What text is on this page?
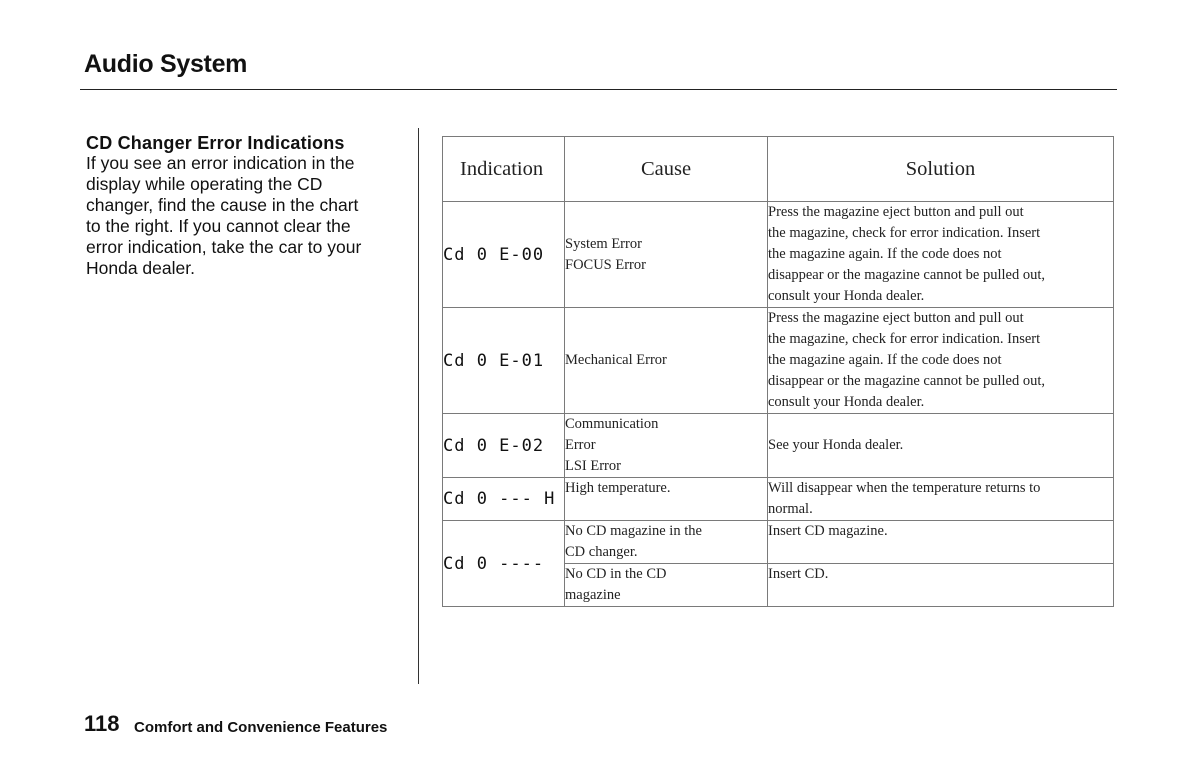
Audio System
CD Changer Error Indications
If you see an error indication in the
display while operating the CD
changer, find the cause in the chart
to the right. If you cannot clear the
error indication, take the car to your
Honda dealer.
Indication	Cause	Solution
Cd 0 E-00	System Error
FOCUS Error	Press the magazine eject button and pull out
the magazine, check for error indication. Insert
the magazine again. If the code does not
disappear or the magazine cannot be pulled out,
consult your Honda dealer.

Cd 0 E-01	Mechanical Error	Press the magazine eject button and pull out
the magazine, check for error indication. Insert
the magazine again. If the code does not
disappear or the magazine cannot be pulled out,
consult your Honda dealer.

Cd 0 E-02	Communication
Error
LSI Error	See your Honda dealer.

Cd 0 --- H	High temperature.	Will disappear when the temperature returns to
normal.

Cd 0 ----	No CD magazine in the
CD changer.	Insert CD magazine.

	No CD in the CD
magazine	Insert CD.
118 Comfort and Convenience Features
